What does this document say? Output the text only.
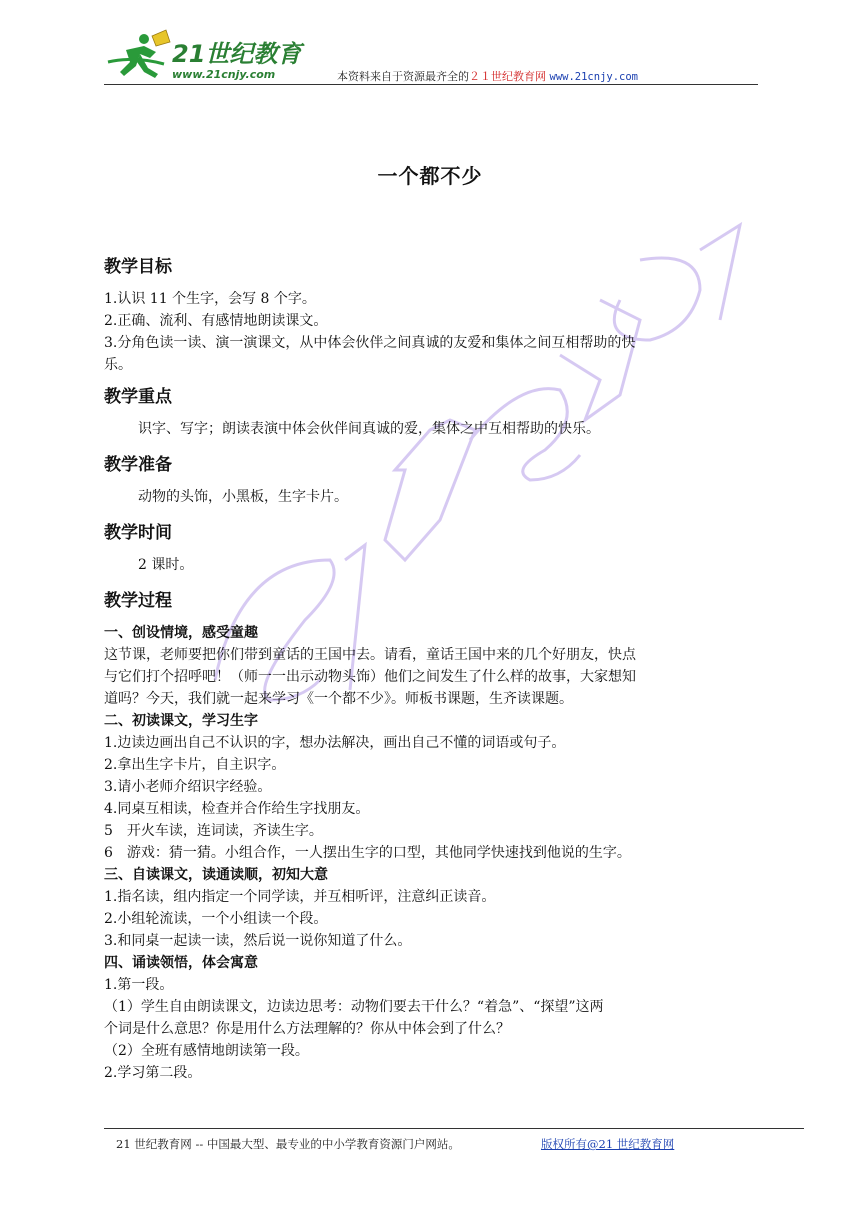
21世纪教育
www.21cnjy.com	本资料来自于资源最齐全的２１世纪教育网 www.21cnjy.com
一个都不少
教学目标

1.认识 11 个生字，会写 8 个字。

2.正确、流利、有感情地朗读课文。

3.分角色读一读、演一演课文，从中体会伙伴之间真诚的友爱和集体之间互相帮助的快

乐。

教学重点

识字、写字；朗读表演中体会伙伴间真诚的爱，集体之中互相帮助的快乐。

教学准备

动物的头饰，小黑板，生字卡片。

教学时间

2 课时。

教学过程

一、创设情境，感受童趣

这节课，老师要把你们带到童话的王国中去。请看，童话王国中来的几个好朋友，快点

与它们打个招呼吧！（师一一出示动物头饰）他们之间发生了什么样的故事，大家想知

道吗？今天，我们就一起来学习《一个都不少》。师板书课题，生齐读课题。

二、初读课文，学习生字

1.边读边画出自己不认识的字，想办法解决，画出自己不懂的词语或句子。

2.拿出生字卡片，自主识字。

3.请小老师介绍识字经验。

4.同桌互相读，检查并合作给生字找朋友。

5　开火车读，连词读，齐读生字。

6　游戏：猜一猜。小组合作，一人摆出生字的口型，其他同学快速找到他说的生字。

三、自读课文，读通读顺，初知大意

1.指名读，组内指定一个同学读，并互相听评，注意纠正读音。

2.小组轮流读，一个小组读一个段。

3.和同桌一起读一读，然后说一说你知道了什么。

四、诵读领悟，体会寓意

1.第一段。

（1）学生自由朗读课文，边读边思考：动物们要去干什么？“着急”、“探望”这两

个词是什么意思？你是用什么方法理解的？你从中体会到了什么？

（2）全班有感情地朗读第一段。

2.学习第二段。

21 世纪教育网 -- 中国最大型、最专业的中小学教育资源门户网站。	版权所有@21 世纪教育网
